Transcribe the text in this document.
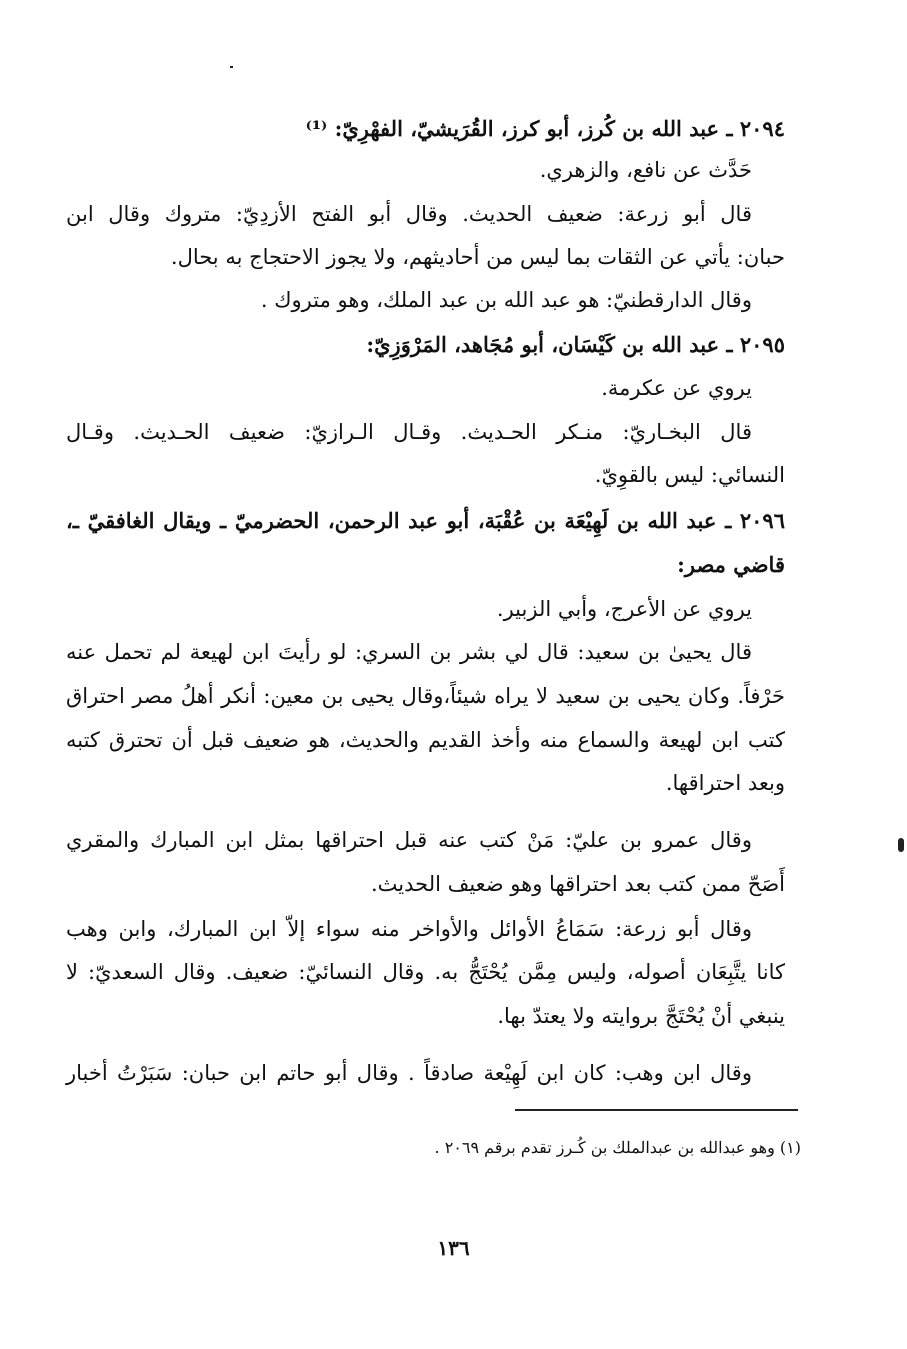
٢٠٩٤ ـ عبد الله بن كُرز، أبو كرز، القُرَيشيّ، الفهْرِيّ: ⁽¹⁾
حَدَّث عن نافع، والزهري.
قال أبو زرعة: ضعيف الحديث. وقال أبو الفتح الأزدِيّ: متروك وقال ابن
حبان: يأتي عن الثقات بما ليس من أحاديثهم، ولا يجوز الاحتجاج به بحال.
وقال الدارقطنيّ: هو عبد الله بن عبد الملك، وهو متروك .
٢٠٩٥ ـ عبد الله بن كَيْسَان، أبو مُجَاهد، المَرْوَزِيّ:
يروي عن عكرمة.
قال البخـاريّ: منـكر الحـديث. وقـال الـرازيّ: ضعيف الحـديث. وقـال
النسائي: ليس بالقوِيّ.
٢٠٩٦ ـ عبد الله بن لَهِيْعَة بن عُقْبَة، أبو عبد الرحمن، الحضرميّ ـ ويقال الغافقيّ ـ،
قاضي مصر:
يروي عن الأعرج، وأبي الزبير.
قال يحيىٰ بن سعيد: قال لي بشر بن السري: لو رأيتَ ابن لهيعة لم تحمل عنه
حَرْفاً. وكان يحيى بن سعيد لا يراه شيئاً،وقال يحيى بن معين: أنكر أهلُ مصر احتراق
كتب ابن لهيعة والسماع منه وأخذ القديم والحديث، هو ضعيف قبل أن تحترق كتبه
وبعد احتراقها.
وقال عمرو بن عليّ: مَنْ كتب عنه قبل احتراقها بمثل ابن المبارك والمقري
أَصَحّ ممن كتب بعد احتراقها وهو ضعيف الحديث.
وقال أبو زرعة: سَمَاعُ الأوائل والأواخر منه سواء إلاّ ابن المبارك، وابن وهب
كانا يتَّبِعَان أصوله، وليس مِمَّن يُحْتَجُّ به. وقال النسائيّ: ضعيف. وقال السعديّ: لا
ينبغي أنْ يُحْتَجَّ بروايته ولا يعتدّ بها.
وقال ابن وهب: كان ابن لَهِيْعة صادقاً . وقال أبو حاتم ابن حبان: سَبَرْتُ أخبار
(١) وهو عبدالله بن عبدالملك بن كُـرز تقدم برقم ٢٠٦٩ .
١٣٦
